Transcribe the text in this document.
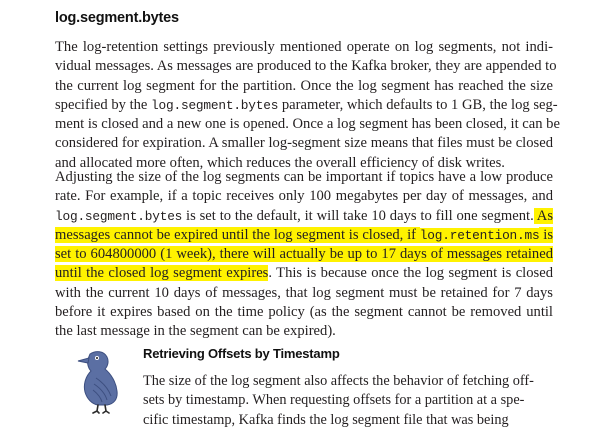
log.segment.bytes
The log-retention settings previously mentioned operate on log segments, not indi-
vidual messages. As messages are produced to the Kafka broker, they are appended to
the current log segment for the partition. Once the log segment has reached the size
specified by the log.segment.bytes parameter, which defaults to 1 GB, the log seg-
ment is closed and a new one is opened. Once a log segment has been closed, it can be
considered for expiration. A smaller log-segment size means that files must be closed
and allocated more often, which reduces the overall efficiency of disk writes.
Adjusting the size of the log segments can be important if topics have a low produce
rate. For example, if a topic receives only 100 megabytes per day of messages, and
log.segment.bytes is set to the default, it will take 10 days to fill one segment. As
messages cannot be expired until the log segment is closed, if log.retention.ms is
set to 604800000 (1 week), there will actually be up to 17 days of messages retained
until the closed log segment expires. This is because once the log segment is closed
with the current 10 days of messages, that log segment must be retained for 7 days
before it expires based on the time policy (as the segment cannot be removed until
the last message in the segment can be expired).
Retrieving Offsets by Timestamp
The size of the log segment also affects the behavior of fetching off-
sets by timestamp. When requesting offsets for a partition at a spe-
cific timestamp, Kafka finds the log segment file that was being
